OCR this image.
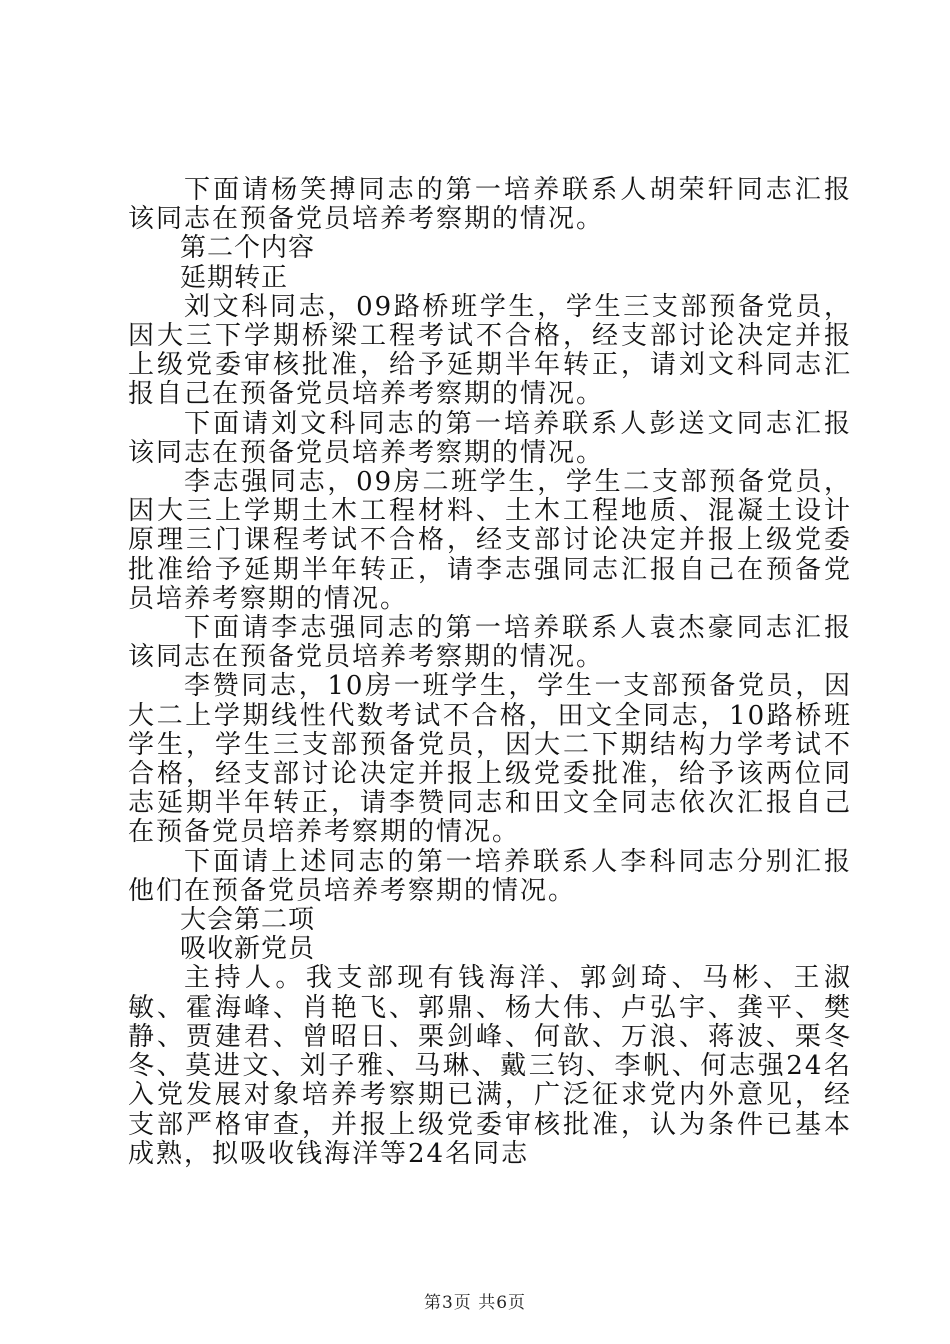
下面请杨笑搏同志的第一培养联系人胡荣轩同志汇报该同志在预备党员培养考察期的情况。

第二个内容

延期转正

刘文科同志，09路桥班学生，学生三支部预备党员，因大三下学期桥梁工程考试不合格，经支部讨论决定并报上级党委审核批准，给予延期半年转正，请刘文科同志汇报自己在预备党员培养考察期的情况。

下面请刘文科同志的第一培养联系人彭送文同志汇报该同志在预备党员培养考察期的情况。

李志强同志，09房二班学生，学生二支部预备党员，因大三上学期土木工程材料、土木工程地质、混凝土设计原理三门课程考试不合格，经支部讨论决定并报上级党委批准给予延期半年转正，请李志强同志汇报自己在预备党员培养考察期的情况。

下面请李志强同志的第一培养联系人袁杰豪同志汇报该同志在预备党员培养考察期的情况。

李赞同志，10房一班学生，学生一支部预备党员，因大二上学期线性代数考试不合格，田文全同志，10路桥班学生，学生三支部预备党员，因大二下期结构力学考试不合格，经支部讨论决定并报上级党委批准，给予该两位同志延期半年转正，请李赞同志和田文全同志依次汇报自己在预备党员培养考察期的情况。

下面请上述同志的第一培养联系人李科同志分别汇报他们在预备党员培养考察期的情况。

大会第二项

吸收新党员

主持人。我支部现有钱海洋、郭剑琦、马彬、王淑敏、霍海峰、肖艳飞、郭鼎、杨大伟、卢弘宇、龚平、樊静、贾建君、曾昭日、栗剑峰、何歆、万浪、蒋波、栗冬冬、莫进文、刘子雅、马琳、戴三钧、李帆、何志强24名入党发展对象培养考察期已满，广泛征求党内外意见，经支部严格审查，并报上级党委审核批准，认为条件已基本成熟，拟吸收钱海洋等24名同志

第3页 共6页
